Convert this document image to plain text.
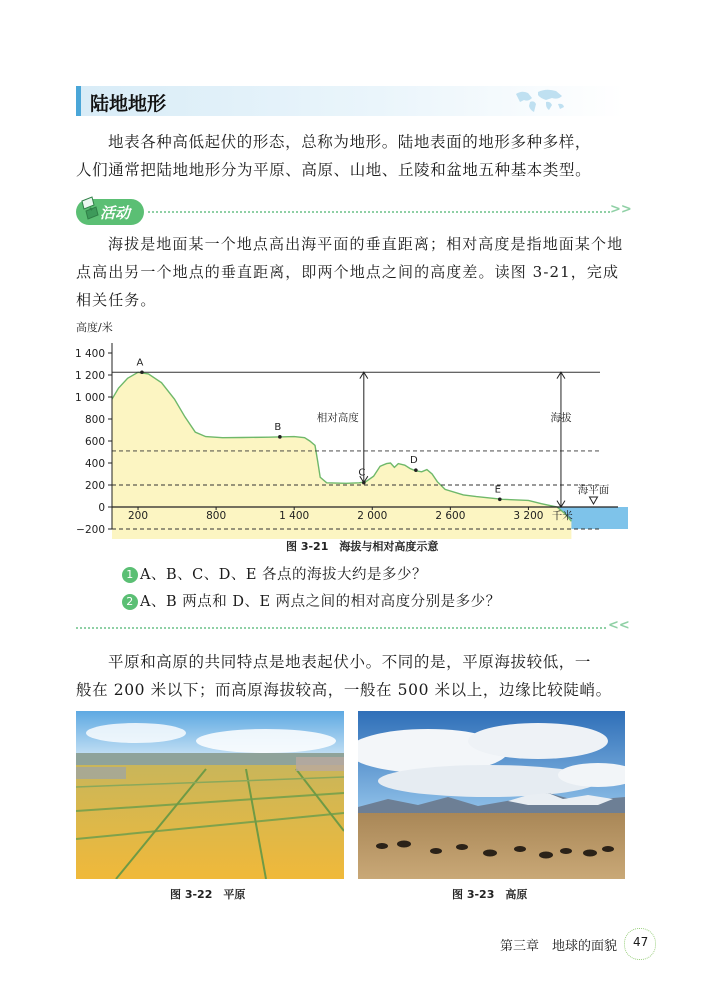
陆地地形

地表各种高低起伏的形态，总称为地形。陆地表面的地形多种多样，

人们通常把陆地地形分为平原、高原、山地、丘陵和盆地五种基本类型。

活动	>>

海拔是地面某一个地点高出海平面的垂直距离；相对高度是指地面某个地

点高出另一个地点的垂直距离，即两个地点之间的高度差。读图 3-21，完成

相关任务。

高度/米
−200
0
200
400
600
800
1 000
1 200
1 400
200	800	1 400	2 000	2 600	3 200 千米
A
B
C
D
E
相对高度	海拔
海平面
图 3-21　海拔与相对高度示意
1 A、B、C、D、E 各点的海拔大约是多少？
2 A、B 两点和 D、E 两点之间的相对高度分别是多少？
<<

平原和高原的共同特点是地表起伏小。不同的是，平原海拔较低，一

般在 200 米以下；而高原海拔较高，一般在 500 米以上，边缘比较陡峭。

图 3-22　平原	图 3-23　高原
第三章　地球的面貌 47
